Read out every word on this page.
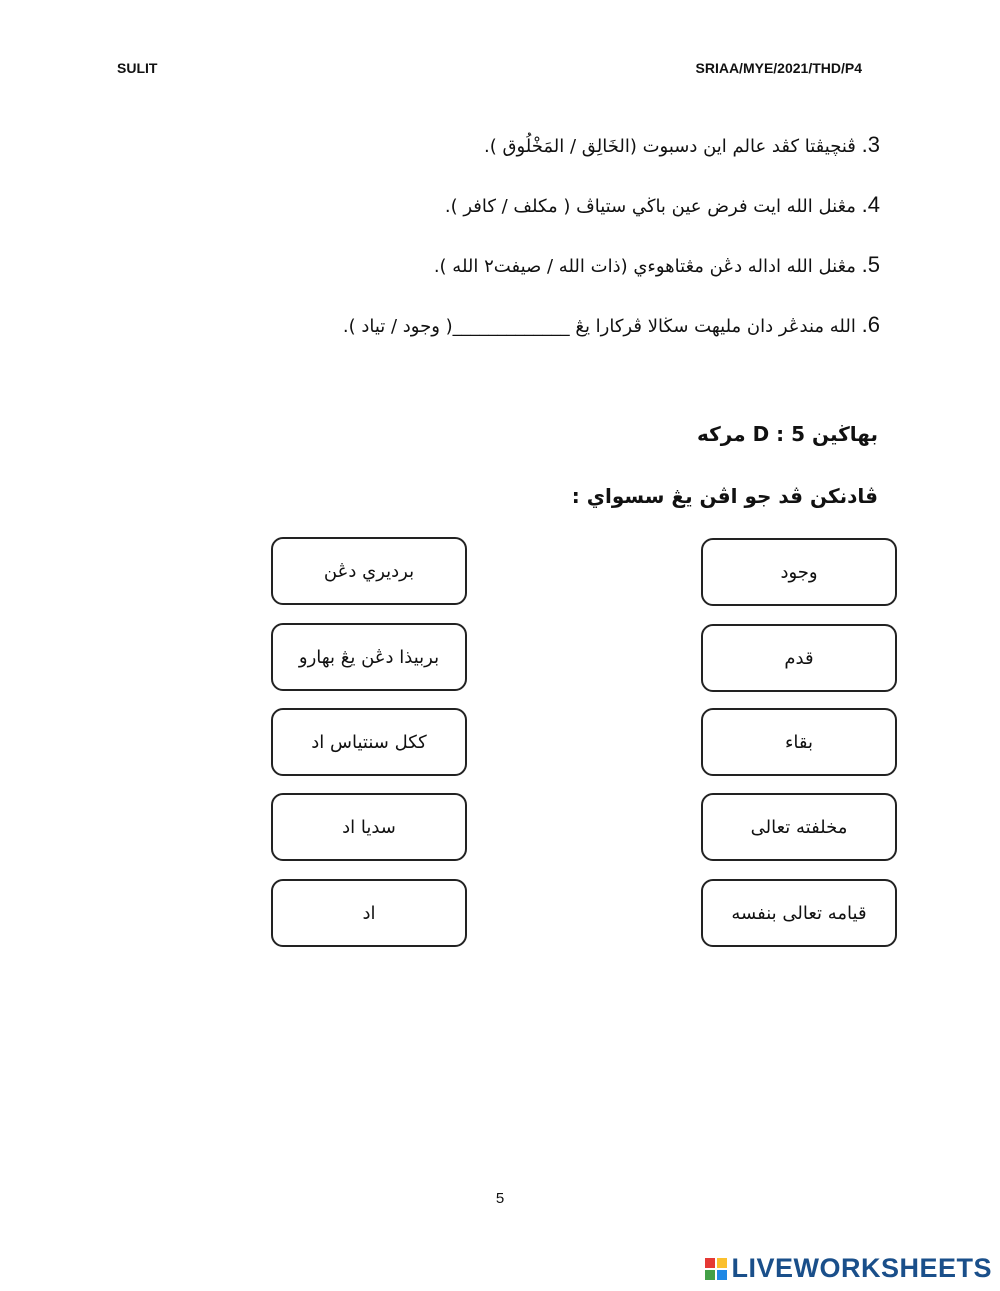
SULIT	SRIAA/MYE/2021/THD/P4
3. ڤنچيڤتا كڤد عالم اين دسبوت (الخَالِق / المَخْلُوق ).
4. مڠنل الله ايت فرض عين باڬي ستياڤ ( مكلف / كافر ).
5. مڠنل الله اداله دڠن مڠتاهوءي (ذات الله / صيفت٢ الله ).
6. الله مندڠر دان مليهت سڬالا ڤركارا يڠ _____________( وجود / تياد ).
بهاڬين D : 5 مركه
ڤادنكن ڤد جو اڤن يڠ سسواي :
برديري دڠن
بربيذا دڠن يڠ بهارو
ككل سنتياس اد
سديا اد
اد
وجود
قدم
بقاء
مخلفته تعالى
قيامه تعالى بنفسه
5
LIVEWORKSHEETS
